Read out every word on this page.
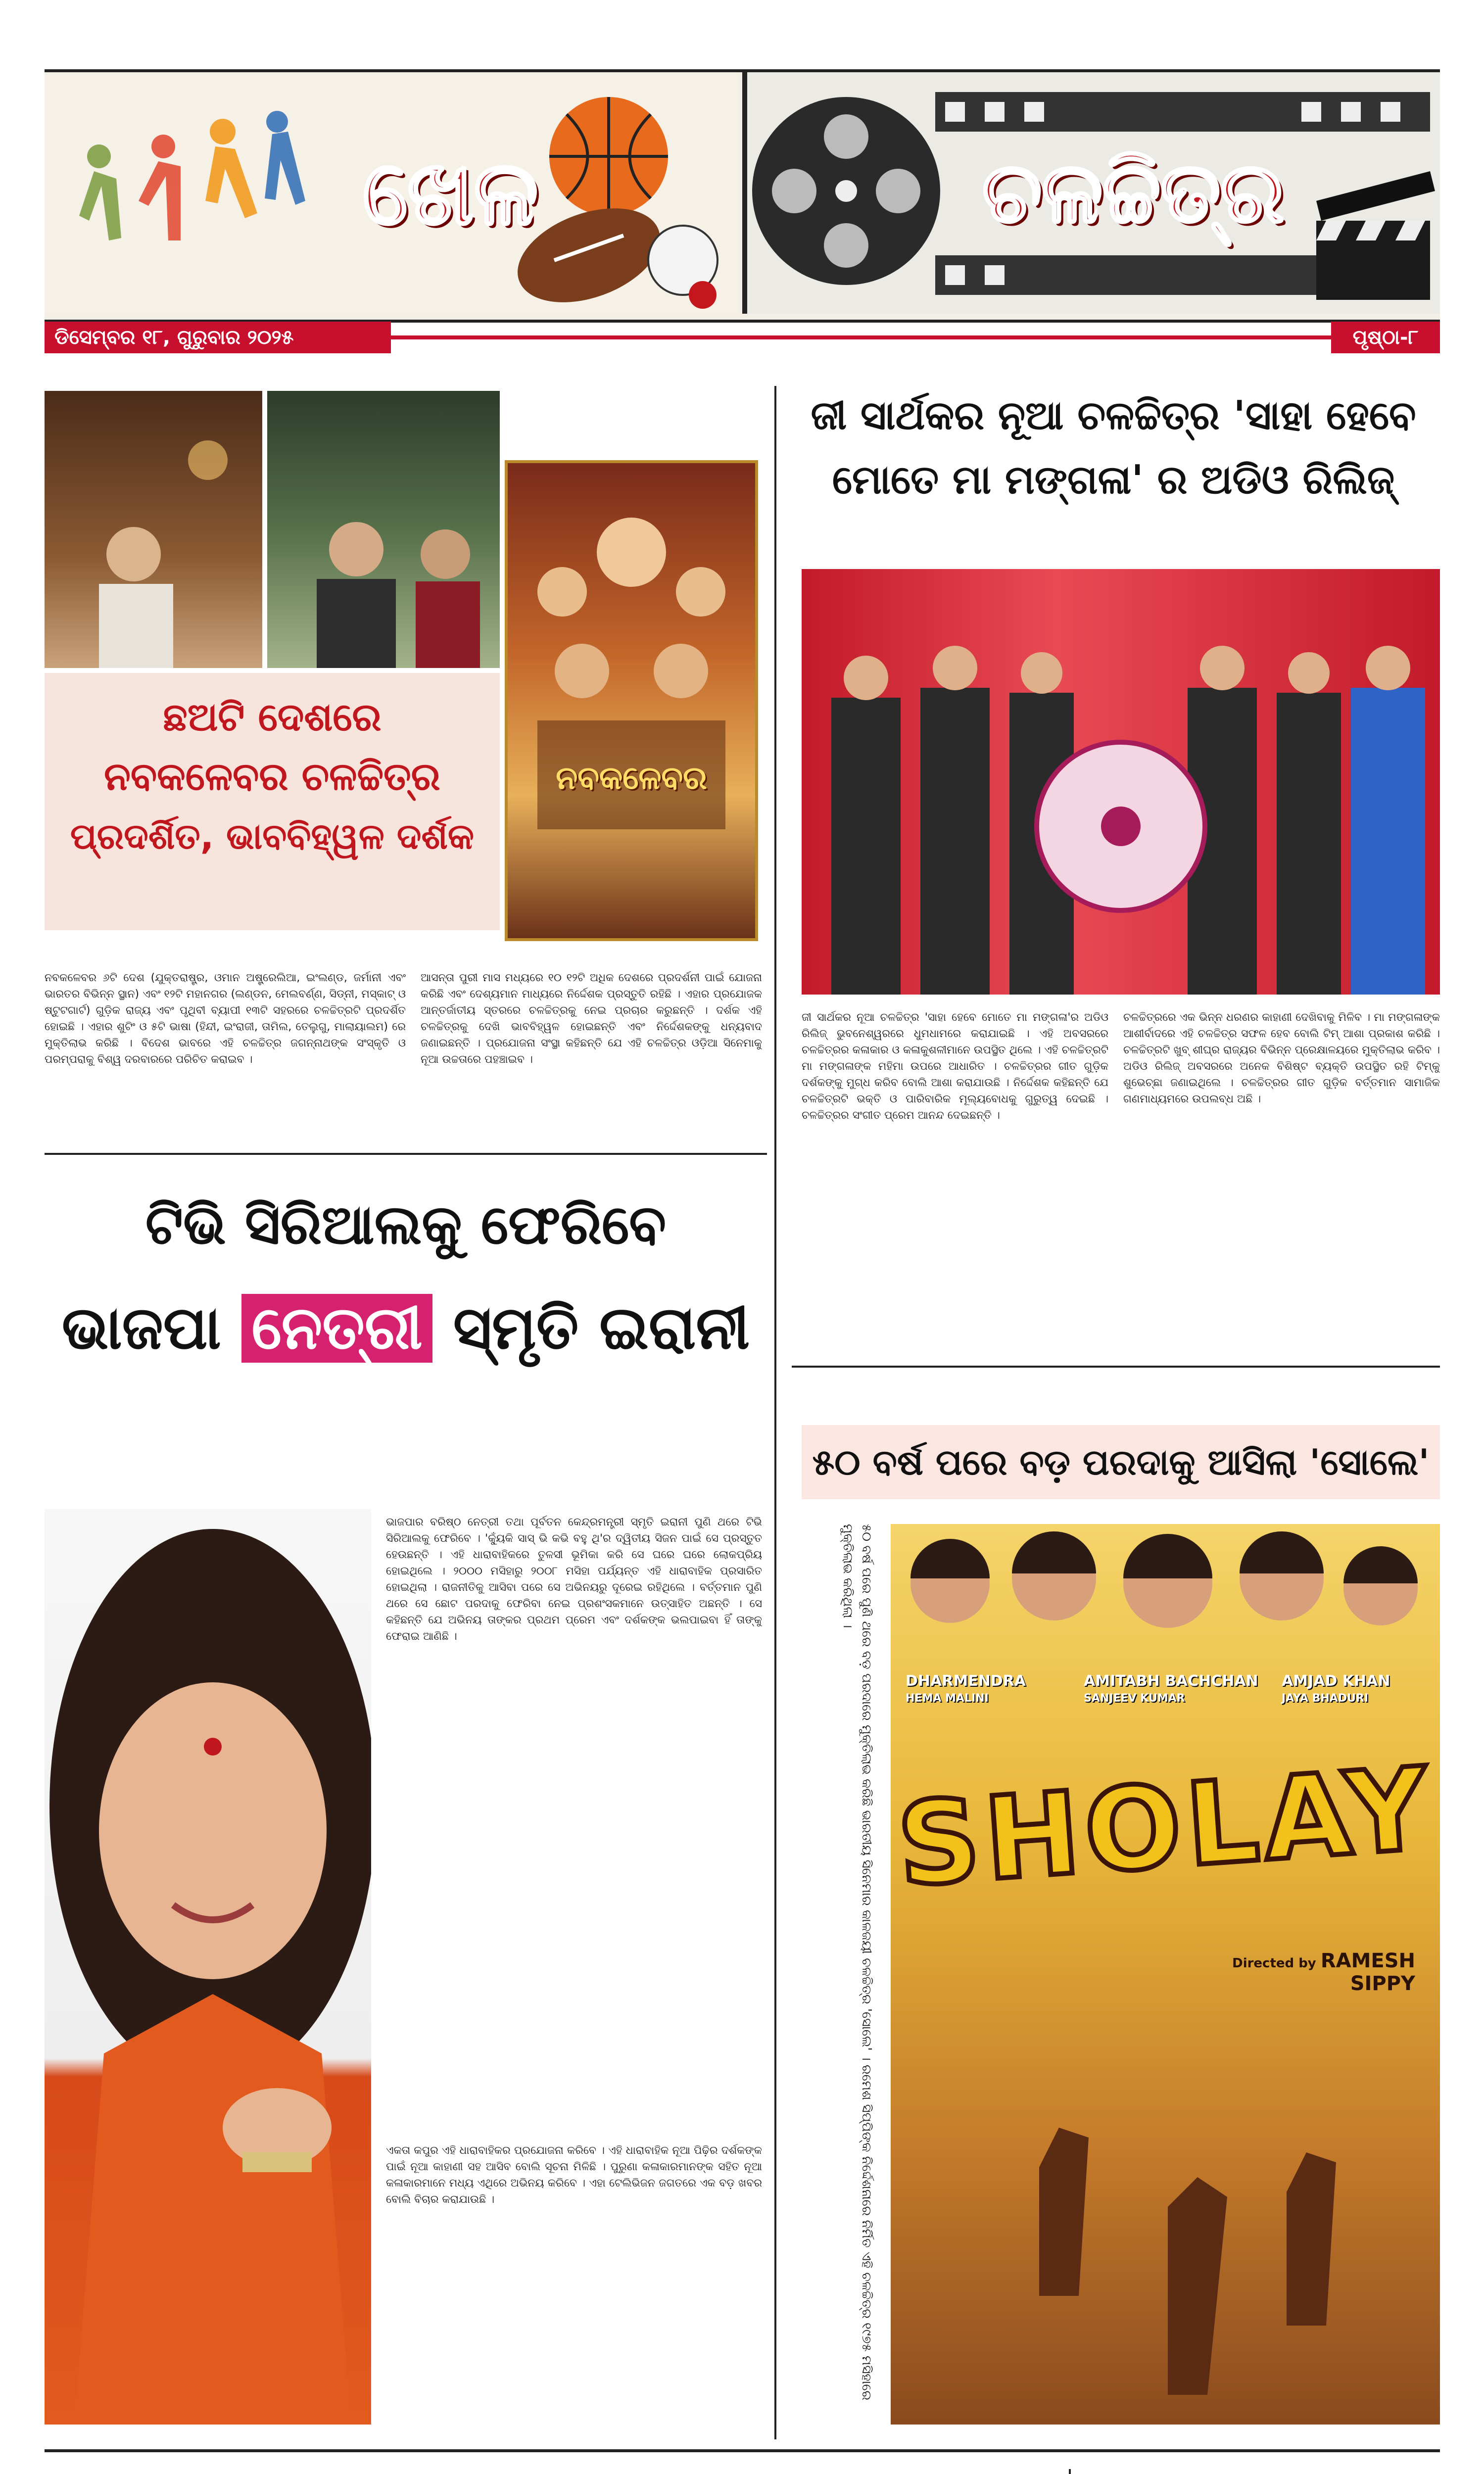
ଖେଳ	ଚଳଚ୍ଚିତ୍ର
ଡିସେମ୍ବର ୧୮, ଗୁରୁବାର ୨୦୨୫	ପୃଷ୍ଠା-୮
ନବକଳେବର

ଛଅଟି ଦେଶରେ

ନବକଳେବର ଚଳଚ୍ଚିତ୍ର

ପ୍ରଦର୍ଶିତ, ଭାବବିହ୍ୱଳ ଦର୍ଶକ

ନବକଳେବର ୬ଟି ଦେଶ (ଯୁକ୍ତରାଷ୍ଟ୍ର, ଓମାନ ଅଷ୍ଟ୍ରେଲିଆ, ଇଂଲଣ୍ଡ, ଜର୍ମାନୀ ଏବଂ ଭାରତର ବିଭିନ୍ନ ସ୍ଥାନ) ଏବଂ ୧୨ଟି ମହାନଗର (ଲଣ୍ଡନ, ମେଲବର୍ଣ୍ଣ, ସିଡ୍ନୀ, ମସ୍କାଟ୍ ଓ ଷ୍ଟୁଟଗାର୍ଟ) ଗୁଡ଼ିକ ରାଜ୍ୟ ଏବଂ ପୃଥିବୀ ବ୍ୟାପୀ ୧୩ଟି ସହରରେ ଚଳଚ୍ଚିତ୍ରଟି ପ୍ରଦର୍ଶିତ ହୋଇଛି । ଏହାର ଶୁଟିଂ ଓ ୫ଟି ଭାଷା (ହିନ୍ଦୀ, ଇଂରାଜୀ, ତାମିଲ, ତେଲୁଗୁ, ମାଲାୟାଲମ) ରେ ମୁକ୍ତିଲାଭ କରିଛି । ବିଦେଶ ଭାବରେ ଏହି ଚଳଚ୍ଚିତ୍ର ଜଗନ୍ନାଥଙ୍କ ସଂସ୍କୃତି ଓ ପରମ୍ପରାକୁ ବିଶ୍ୱ ଦରବାରରେ ପରିଚିତ କରାଇବ ।

ଆସନ୍ତା ପୁରୀ ମାସ ମଧ୍ୟରେ ୧୦ ୧୨ଟି ଅଧିକ ଦେଶରେ ପ୍ରଦର୍ଶନୀ ପାଇଁ ଯୋଜନା କରିଛି ଏବଂ ଦେଶ୍ୟମାନ ମାଧ୍ୟରେ ନିର୍ଦ୍ଦେଶକ ପ୍ରସ୍ତୁତି ରହିଛି । ଏହାର ପ୍ରଯୋଜକ ଆନ୍ତର୍ଜାତୀୟ ସ୍ତରରେ ଚଳଚ୍ଚିତ୍ରକୁ ନେଇ ପ୍ରଚାର କରୁଛନ୍ତି । ଦର୍ଶକ ଏହି ଚଳଚ୍ଚିତ୍ରକୁ ଦେଖି ଭାବବିହ୍ୱଳ ହୋଇଛନ୍ତି ଏବଂ ନିର୍ଦ୍ଦେଶକଙ୍କୁ ଧନ୍ୟବାଦ ଜଣାଇଛନ୍ତି । ପ୍ରଯୋଜନା ସଂସ୍ଥା କହିଛନ୍ତି ଯେ ଏହି ଚଳଚ୍ଚିତ୍ର ଓଡ଼ିଆ ସିନେମାକୁ ନୂଆ ଉଚ୍ଚତାରେ ପହଞ୍ଚାଇବ ।

ଜୀ ସାର୍ଥକର ନୂଆ ଚଳଚ୍ଚିତ୍ର 'ସାହା ହେବେ

ମୋତେ ମା ମଙ୍ଗଳା' ର ଅଡିଓ ରିଲିଜ୍

ଜୀ ସାର୍ଥକର ନୂଆ ଚଳଚ୍ଚିତ୍ର 'ସାହା ହେବେ ମୋତେ ମା ମଙ୍ଗଳା'ର ଅଡିଓ ରିଲିଜ୍ ଭୁବନେଶ୍ୱରରେ ଧୁମଧାମରେ କରାଯାଇଛି । ଏହି ଅବସରରେ ଚଳଚ୍ଚିତ୍ରର କଳାକାର ଓ କଳାକୁଶଳୀମାନେ ଉପସ୍ଥିତ ଥିଲେ । ଏହି ଚଳଚ୍ଚିତ୍ରଟି ମା ମଙ୍ଗଳାଙ୍କ ମହିମା ଉପରେ ଆଧାରିତ । ଚଳଚ୍ଚିତ୍ରର ଗୀତ ଗୁଡ଼ିକ ଦର୍ଶକଙ୍କୁ ମୁଗ୍ଧ କରିବ ବୋଲି ଆଶା କରାଯାଉଛି । ନିର୍ଦ୍ଦେଶକ କହିଛନ୍ତି ଯେ ଚଳଚ୍ଚିତ୍ରଟି ଭକ୍ତି ଓ ପାରିବାରିକ ମୂଲ୍ୟବୋଧକୁ ଗୁରୁତ୍ୱ ଦେଇଛି । ଚଳଚ୍ଚିତ୍ରର ସଂଗୀତ ପ୍ରେମ ଆନନ୍ଦ ଦେଇଛନ୍ତି ।

ଚଳଚ୍ଚିତ୍ରରେ ଏକ ଭିନ୍ନ ଧରଣର କାହାଣୀ ଦେଖିବାକୁ ମିଳିବ । ମା ମଙ୍ଗଳାଙ୍କ ଆଶୀର୍ବାଦରେ ଏହି ଚଳଚ୍ଚିତ୍ର ସଫଳ ହେବ ବୋଲି ଟିମ୍ ଆଶା ପ୍ରକାଶ କରିଛି । ଚଳଚ୍ଚିତ୍ରଟି ଖୁବ୍ ଶୀଘ୍ର ରାଜ୍ୟର ବିଭିନ୍ନ ପ୍ରେକ୍ଷାଳୟରେ ମୁକ୍ତିଲାଭ କରିବ । ଅଡିଓ ରିଲିଜ୍ ଅବସରରେ ଅନେକ ବିଶିଷ୍ଟ ବ୍ୟକ୍ତି ଉପସ୍ଥିତ ରହି ଟିମ୍‌କୁ ଶୁଭେଚ୍ଛା ଜଣାଇଥିଲେ । ଚଳଚ୍ଚିତ୍ରର ଗୀତ ଗୁଡ଼ିକ ବର୍ତ୍ତମାନ ସାମାଜିକ ଗଣମାଧ୍ୟମରେ ଉପଲବ୍ଧ ଅଛି ।

ଟିଭି ସିରିଆଲକୁ ଫେରିବେ

ଭାଜପା ନେତ୍ରୀ ସ୍ମୃତି ଇରାନୀ

ଭାଜପାର ବରିଷ୍ଠ ନେତ୍ରୀ ତଥା ପୂର୍ବତନ କେନ୍ଦ୍ରମନ୍ତ୍ରୀ ସ୍ମୃତି ଇରାନୀ ପୁଣି ଥରେ ଟିଭି ସିରିଆଲକୁ ଫେରିବେ । 'କ୍ୟୁଁକି ସାସ୍ ଭି କଭି ବହୁ ଥି'ର ଦ୍ୱିତୀୟ ସିଜନ ପାଇଁ ସେ ପ୍ରସ୍ତୁତ ହେଉଛନ୍ତି । ଏହି ଧାରାବାହିକରେ ତୁଳସୀ ଭୂମିକା କରି ସେ ଘରେ ଘରେ ଲୋକପ୍ରିୟ ହୋଇଥିଲେ । ୨୦୦୦ ମସିହାରୁ ୨୦୦୮ ମସିହା ପର୍ଯ୍ୟନ୍ତ ଏହି ଧାରାବାହିକ ପ୍ରସାରିତ ହୋଇଥିଲା । ରାଜନୀତିକୁ ଆସିବା ପରେ ସେ ଅଭିନୟରୁ ଦୂରେଇ ରହିଥିଲେ । ବର୍ତ୍ତମାନ ପୁଣି ଥରେ ସେ ଛୋଟ ପରଦାକୁ ଫେରିବା ନେଇ ପ୍ରଶଂସକମାନେ ଉତ୍ସାହିତ ଅଛନ୍ତି । ସେ କହିଛନ୍ତି ଯେ ଅଭିନୟ ତାଙ୍କର ପ୍ରଥମ ପ୍ରେମ ଏବଂ ଦର୍ଶକଙ୍କ ଭଲପାଇବା ହିଁ ତାଙ୍କୁ ଫେରାଇ ଆଣିଛି ।

ଏକତା କପୁର ଏହି ଧାରାବାହିକର ପ୍ରଯୋଜନା କରିବେ । ଏହି ଧାରାବାହିକ ନୂଆ ପିଢ଼ିର ଦର୍ଶକଙ୍କ ପାଇଁ ନୂଆ କାହାଣୀ ସହ ଆସିବ ବୋଲି ସୂଚନା ମିଳିଛି । ପୁରୁଣା କଳାକାରମାନଙ୍କ ସହିତ ନୂଆ କଳାକାରମାନେ ମଧ୍ୟ ଏଥିରେ ଅଭିନୟ କରିବେ । ଏହା ଟେଲିଭିଜନ ଜଗତରେ ଏକ ବଡ଼ ଖବର ବୋଲି ବିଚାର କରାଯାଉଛି ।

୫୦ ବର୍ଷ ପରେ ବଡ଼ ପରଦାକୁ ଆସିଲା 'ସୋଲେ'

୫୦ ବର୍ଷ ପରେ ପୁଣି ଥରେ ବଡ଼ ପରଦାରେ ମୁକ୍ତିଲାଭ କରିଛି ଭାରତୀୟ ସିନେମାର କାଳଜୟୀ ଚଳଚ୍ଚିତ୍ର 'ସୋଲେ' । ରମେଶ ସିପ୍ପିଙ୍କ ନିର୍ଦ୍ଦେଶନାରେ ନିର୍ମିତ ଏହି ଚଳଚ୍ଚିତ୍ର ୧୯୭୫ ମସିହାରେ ମୁକ୍ତିଲାଭ କରିଥିଲା ।

DHARMENDRA
HEMA MALINI
AMITABH BACHCHAN
SANJEEV KUMAR
AMJAD KHAN
JAYA BHADURI
SHOLAY
Directed by RAMESH SIPPY
